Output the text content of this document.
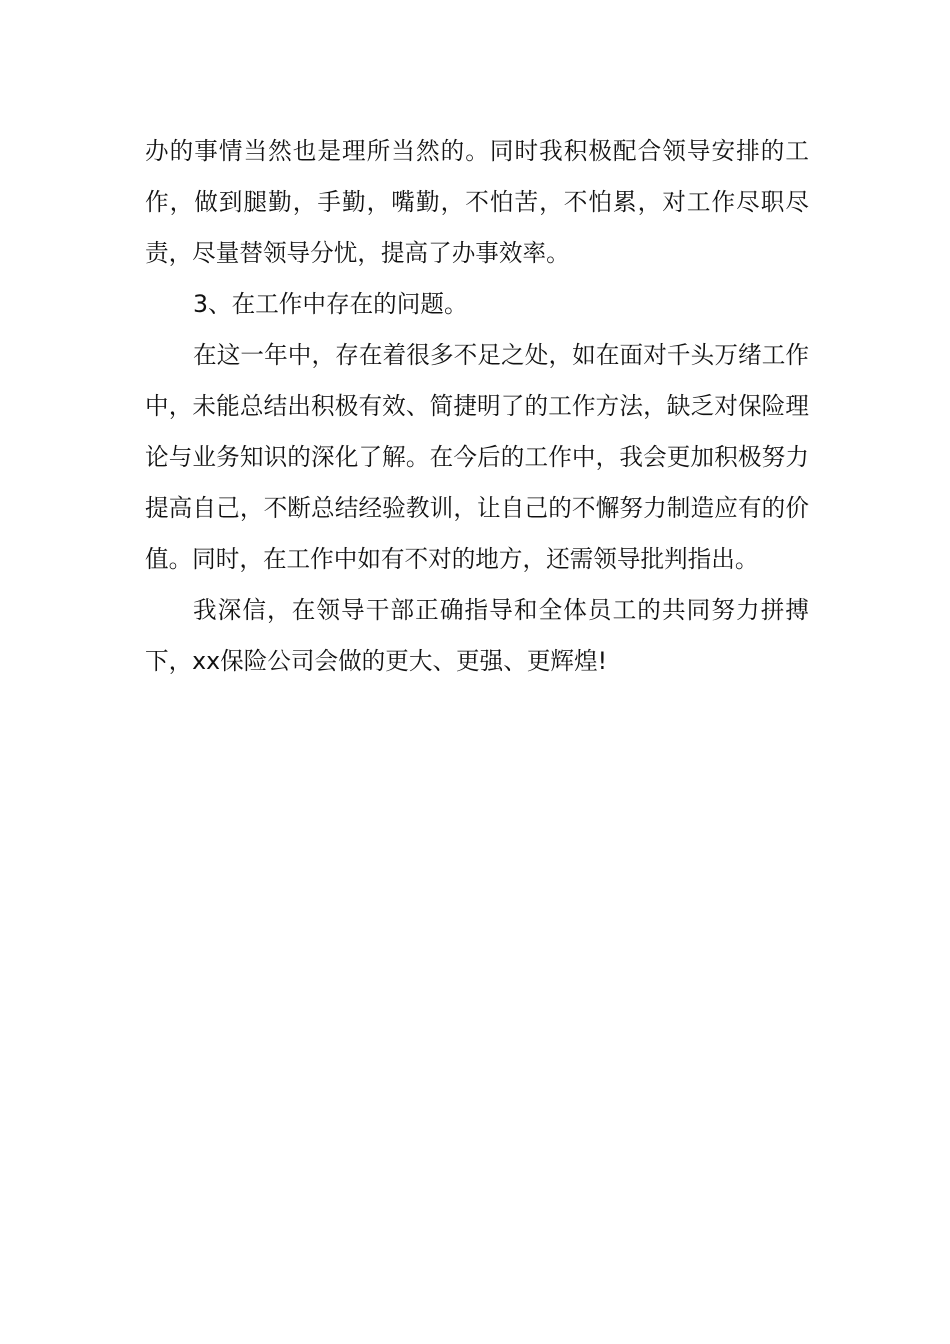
办的事情当然也是理所当然的。同时我积极配合领导安排的工作，做到腿勤，手勤，嘴勤，不怕苦，不怕累，对工作尽职尽责，尽量替领导分忧，提高了办事效率。

3、在工作中存在的问题。

在这一年中，存在着很多不足之处，如在面对千头万绪工作中，未能总结出积极有效、简捷明了的工作方法，缺乏对保险理论与业务知识的深化了解。在今后的工作中，我会更加积极努力提高自己，不断总结经验教训，让自己的不懈努力制造应有的价值。同时，在工作中如有不对的地方，还需领导批判指出。

我深信，在领导干部正确指导和全体员工的共同努力拼搏下，xx保险公司会做的更大、更强、更辉煌!
